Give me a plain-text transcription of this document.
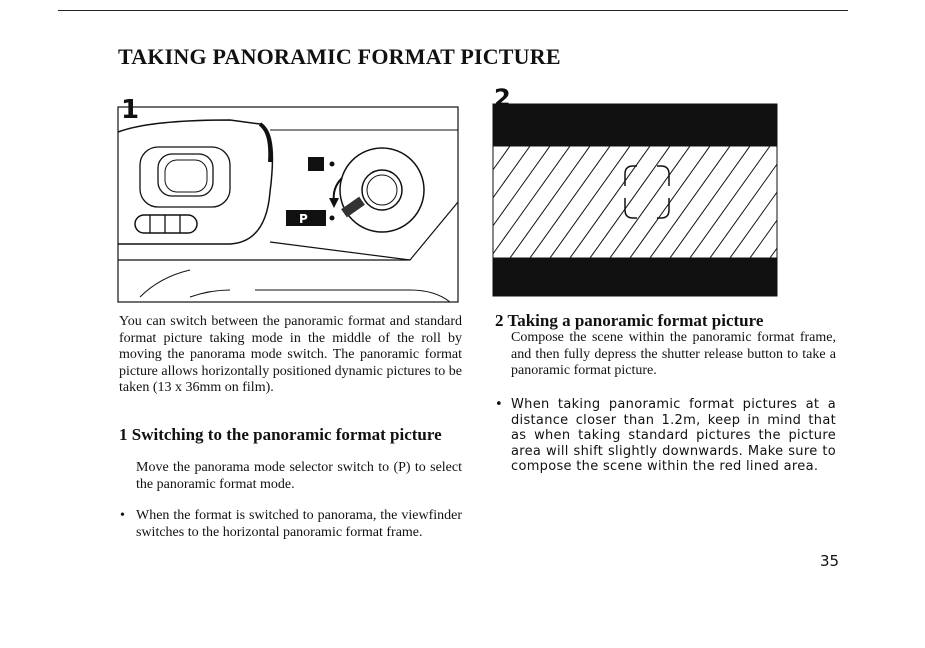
TAKING PANORAMIC FORMAT PICTURE
1
P
2

You can switch between the panoramic format and standard format picture taking mode in the middle of the roll by moving the panorama mode switch. The panoramic format picture allows horizontally positioned dynamic pictures to be taken (13 x 36mm on film).

1 Switching to the panoramic format picture

Move the panorama mode selector switch to (P) to select the panoramic format mode.

• When the format is switched to panorama, the viewfinder switches to the horizontal panoramic format frame.
2 Taking a panoramic format picture

Compose the scene within the panoramic format frame, and then fully depress the shutter release button to take a panoramic format picture.

• When taking panoramic format pictures at a distance closer than 1.2m, keep in mind that as when taking standard pictures the picture area will shift slightly downwards. Make sure to compose the scene within the red lined area.
35
